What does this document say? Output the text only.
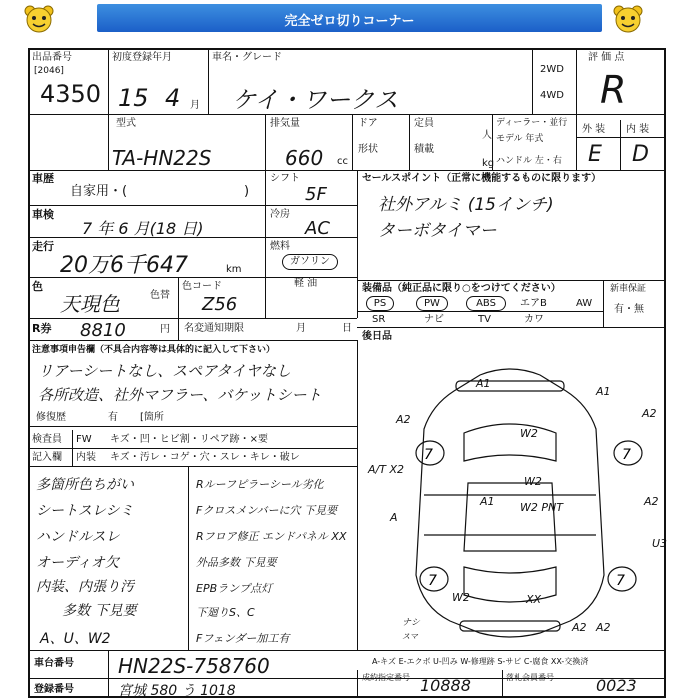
完全ゼロ切りコーナー
出品番号
[2046]
4350
初度登録年月
15 4 月
車名・グレード
ケイ・ワークス
2WD
4WD
評 価 点
R
型式
TA-HN22S
排気量
660 cc
ドア
形状
定員
人
積載
kg
ディーラー・並行
モデル 年式
ハンドル 左・右
外 装 内 装
E D
車歴
自家用・(	)
シフト
5F
車検
7 年 6 月(18 日)
冷房
AC
走行
20万6千647	km
燃料
ガソリン
軽 油
色
天現色	色替
色コード
Z56
R券 8810	円 名変通知期限	月	日
セールスポイント（正常に機能するものに限ります）
社外アルミ (15インチ)
ターボタイマー
装備品（純正品に限り○をつけてください）
PS	PW	ABS	エアB	AW
SR	ナビ	TV	カワ
新車保証
有・無
後日品
注意事項申告欄（不具合内容等は具体的に記入して下さい）
リアーシートなし、スペアタイヤなし
各所改造、社外マフラー、バケットシート
修復歴	有 [箇所
検査員
記入欄
FW キズ・凹・ヒビ割・リペア跡・×要
内装 キズ・汚レ・コゲ・穴・スレ・キレ・破レ
多箇所色ちがい
シートスレシミ
ハンドルスレ
オーディオ欠
内装、内張り汚
多数 下見要
A、U、W2
Rルーフピラーシール劣化
Fクロスメンバーに穴 下見要
Rフロア修正 エンドパネル XX
外品多数 下見要
EPBランプ点灯
下廻りS、C
Fフェンダー加工有
7	7
7	7
A1
A2
A1
A2
W2
W2 PNT
U3
W2	XX
A2
A1
A2
W2
A2
A
A/T X2
ナシ
スマ
A-キズ E-エクボ U-凹み W-修理跡 S-サビ C-腐食 XX-交換済
車台番号 HN22S-758760
登録番号	宮城 580 う 1018
成約指定番号 10888	落札会員番号	0023
